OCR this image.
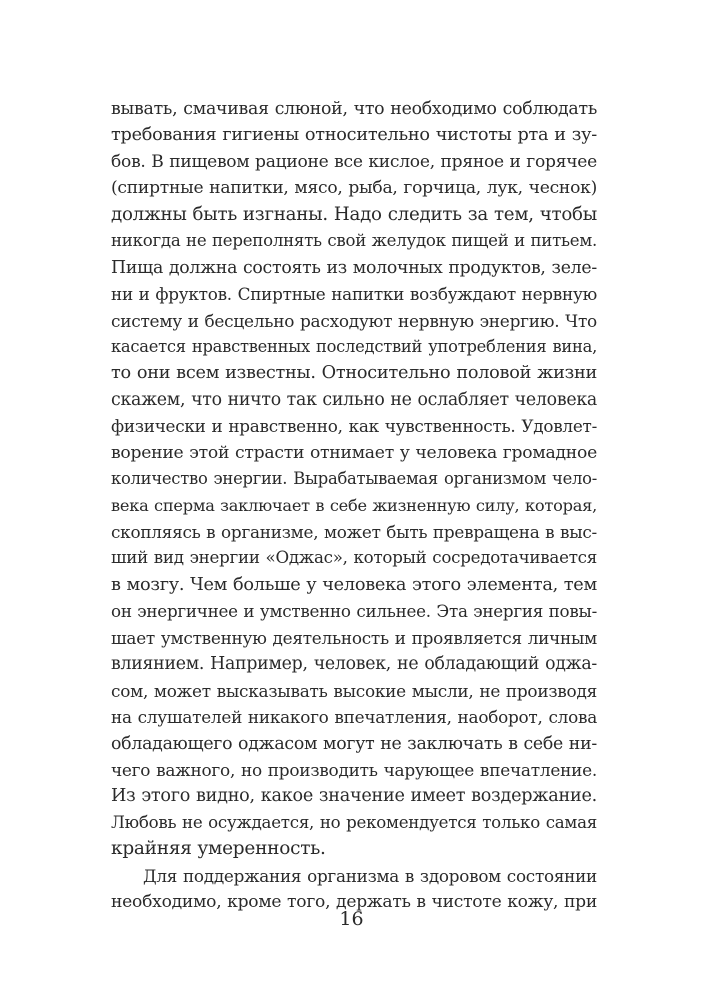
вывать, смачивая слюной, что необходимо соблюдать
требования гигиены относительно чистоты рта и зу-
бов. В пищевом рационе все кислое, пряное и горячее
(спиртные напитки, мясо, рыба, горчица, лук, чеснок)
должны быть изгнаны. Надо следить за тем, чтобы
никогда не переполнять свой желудок пищей и питьем.
Пища должна состоять из молочных продуктов, зеле-
ни и фруктов. Спиртные напитки возбуждают нервную
систему и бесцельно расходуют нервную энергию. Что
касается нравственных последствий употребления вина,
то они всем известны. Относительно половой жизни
скажем, что ничто так сильно не ослабляет человека
физически и нравственно, как чувственность. Удовлет-
ворение этой страсти отнимает у человека громадное
количество энергии. Вырабатываемая организмом чело-
века сперма заключает в себе жизненную силу, которая,
скопляясь в организме, может быть превращена в выс-
ший вид энергии «Оджас», который сосредотачивается
в мозгу. Чем больше у человека этого элемента, тем
он энергичнее и умственно сильнее. Эта энергия повы-
шает умственную деятельность и проявляется личным
влиянием. Например, человек, не обладающий оджа-
сом, может высказывать высокие мысли, не производя
на слушателей никакого впечатления, наоборот, слова
обладающего оджасом могут не заключать в себе ни-
чего важного, но производить чарующее впечатление.
Из этого видно, какое значение имеет воздержание.
Любовь не осуждается, но рекомендуется только самая
крайняя умеренность.
Для поддержания организма в здоровом состоянии
необходимо, кроме того, держать в чистоте кожу, при
16
